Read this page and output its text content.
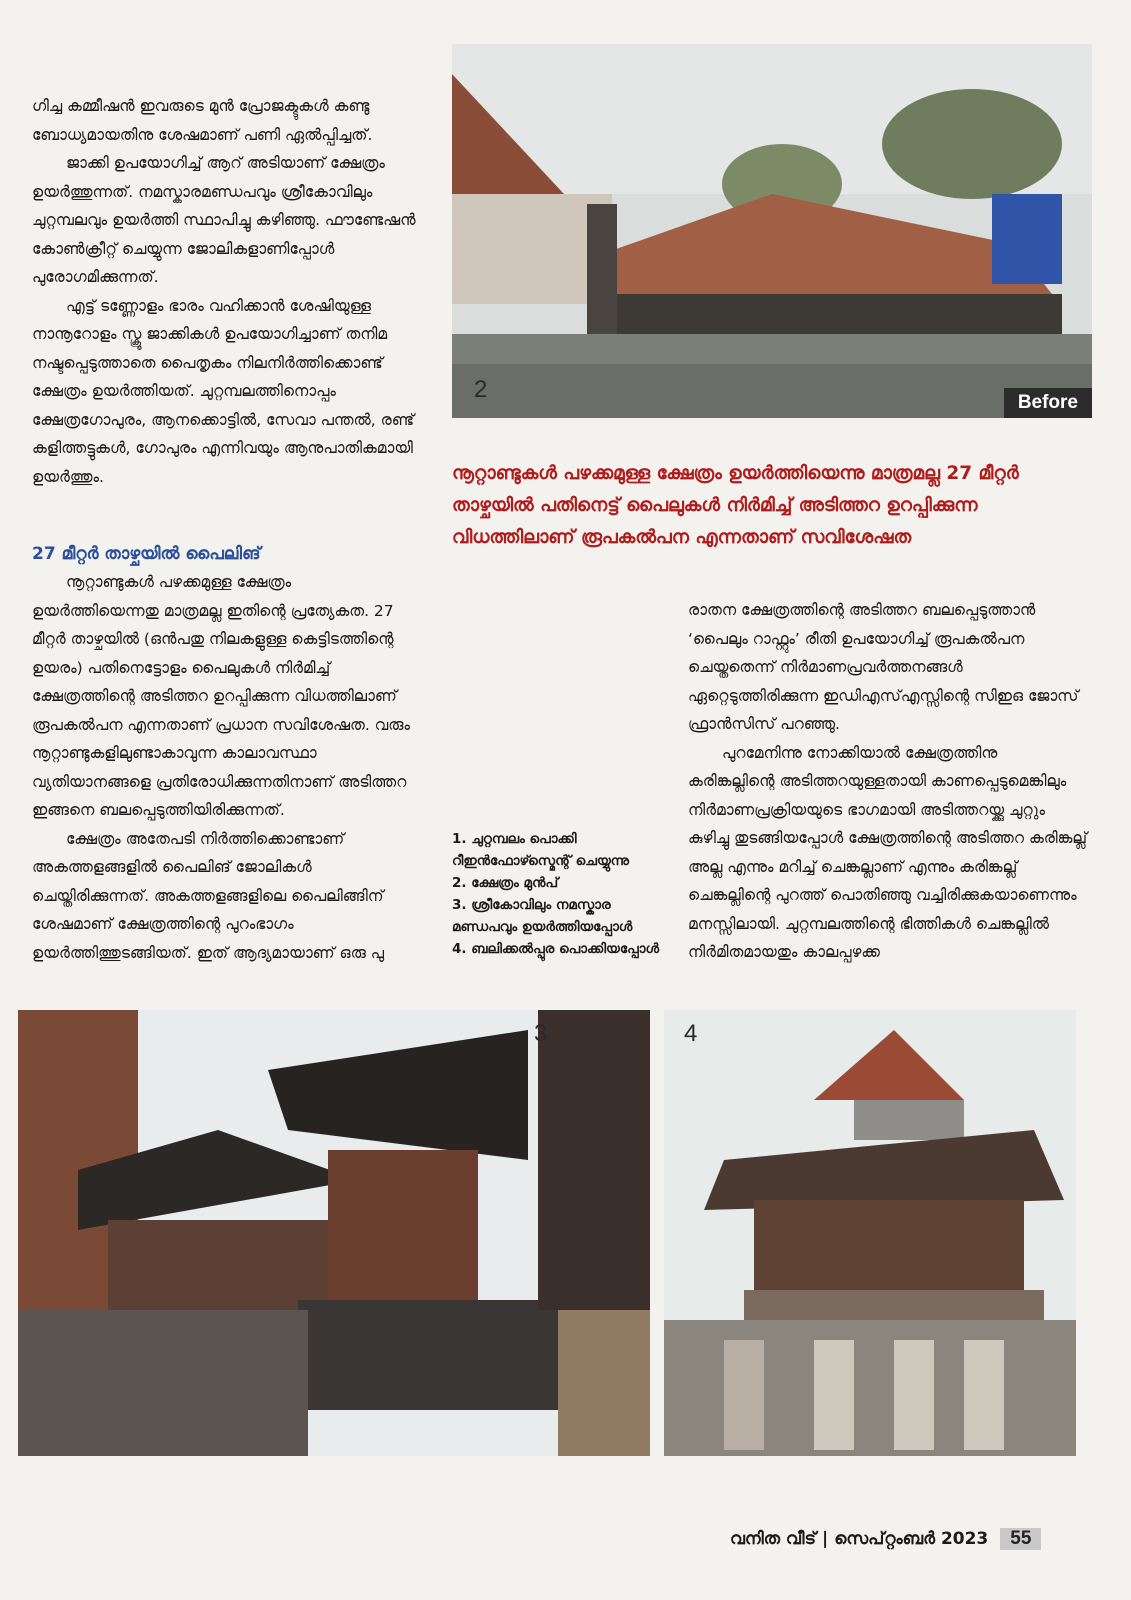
ഗിച്ച കമ്മീഷൻ ഇവരുടെ മുൻ പ്രോജക്ടുകൾ കണ്ടു ബോധ്യമായതിനു ശേഷമാണ് പണി ഏൽപ്പിച്ചത്.

ജാക്കി ഉപയോഗിച്ച് ആറ് അടിയാണ് ക്ഷേത്രം ഉയർത്തുന്നത്. നമസ്കാരമണ്ഡപവും ശ്രീകോവിലും ചുറ്റമ്പലവും ഉയർത്തി സ്ഥാപിച്ചു കഴിഞ്ഞു. ഫൗണ്ടേഷൻ കോൺക്രീറ്റ് ചെയ്യുന്ന ജോലികളാണിപ്പോൾ പുരോഗമിക്കുന്നത്.

എട്ട് ടണ്ണോളം ഭാരം വഹിക്കാൻ ശേഷിയുള്ള നാനൂറോളം സ്ക്രൂ ജാക്കികൾ ഉപയോഗിച്ചാണ് തനിമ നഷ്ടപ്പെടുത്താതെ പൈതൃകം നിലനിർത്തിക്കൊണ്ട് ക്ഷേത്രം ഉയർത്തിയത്. ചുറ്റമ്പലത്തിനൊപ്പം ക്ഷേത്രഗോപുരം, ആനക്കൊട്ടിൽ, സേവാ പന്തൽ, രണ്ട് കളിത്തട്ടുകൾ, ഗോപുരം എന്നിവയും ആനുപാതികമായി ഉയർത്തും.

27 മീറ്റർ താഴ്ചയിൽ പൈലിങ്

നൂറ്റാണ്ടുകൾ പഴക്കമുള്ള ക്ഷേത്രം ഉയർത്തിയെന്നതു മാത്രമല്ല ഇതിന്റെ പ്രത്യേകത. 27 മീറ്റർ താഴ്ചയിൽ (ഒൻപതു നിലകളുള്ള കെട്ടിടത്തിന്റെ ഉയരം) പതിനെട്ടോളം പൈലുകൾ നിർമിച്ച് ക്ഷേത്രത്തിന്റെ അടിത്തറ ഉറപ്പിക്കുന്ന വിധത്തിലാണ് രൂപകൽപന എന്നതാണ് പ്രധാന സവിശേഷത. വരും നൂറ്റാണ്ടുകളിലുണ്ടാകാവുന്ന കാലാവസ്ഥാ വ്യതിയാനങ്ങളെ പ്രതിരോധിക്കുന്നതിനാണ് അടിത്തറ ഇങ്ങനെ ബലപ്പെടുത്തിയിരിക്കുന്നത്.

ക്ഷേത്രം അതേപടി നിർത്തിക്കൊണ്ടാണ് അകത്തളങ്ങളിൽ പൈലിങ് ജോലികൾ ചെയ്തിരിക്കുന്നത്. അകത്തളങ്ങളിലെ പൈലിങ്ങിന് ശേഷമാണ് ക്ഷേത്രത്തിന്റെ പുറംഭാഗം ഉയർത്തിത്തുടങ്ങിയത്. ഇത് ആദ്യമായാണ് ഒരു പു

2	Before
നൂറ്റാണ്ടുകൾ പഴക്കമുള്ള ക്ഷേത്രം ഉയർത്തിയെന്നു മാത്രമല്ല 27 മീറ്റർ താഴ്ചയിൽ പതിനെട്ട് പൈലുകൾ നിർമിച്ച് അടിത്തറ ഉറപ്പിക്കുന്ന വിധത്തിലാണ് രൂപകൽപന എന്നതാണ് സവിശേഷത
1. ചുറ്റമ്പലം പൊക്കി റീഇൻഫോഴ്സ്മെന്റ് ചെയ്യുന്നു
2. ക്ഷേത്രം മുൻപ്
3. ശ്രീകോവിലും നമസ്കാര മണ്ഡപവും ഉയർത്തിയപ്പോൾ
4. ബലിക്കൽപ്പുര പൊക്കിയപ്പോൾ

രാതന ക്ഷേത്രത്തിന്റെ അടിത്തറ ബലപ്പെടുത്താൻ ‘പൈലും റാഫ്റ്റും’ രീതി ഉപയോഗിച്ച് രൂപകൽപന ചെയ്തതെന്ന് നിർമാണപ്രവർത്തനങ്ങൾ ഏറ്റെടുത്തിരിക്കുന്ന ഇഡിഎസ്എസ്സിന്റെ സിഇഒ ജോസ് ഫ്രാൻസിസ് പറഞ്ഞു.

പുറമേനിന്നു നോക്കിയാൽ ക്ഷേത്രത്തിനു കരിങ്കല്ലിന്റെ അടിത്തറയുള്ളതായി കാണപ്പെടുമെങ്കിലും നിർമാണപ്രക്രിയയുടെ ഭാഗമായി അടിത്തറയ്ക്കു ചുറ്റും കുഴിച്ചു തുടങ്ങിയപ്പോൾ ക്ഷേത്രത്തിന്റെ അടിത്തറ കരിങ്കല്ല് അല്ല എന്നും മറിച്ച് ചെങ്കല്ലാണ് എന്നും കരിങ്കല്ല് ചെങ്കല്ലിന്റെ പുറത്ത് പൊതിഞ്ഞു വച്ചിരിക്കുകയാണെന്നും മനസ്സിലായി. ചുറ്റമ്പലത്തിന്റെ ഭിത്തികൾ ചെങ്കല്ലിൽ നിർമിതമായതും കാലപ്പഴക്ക

3	4
വനിത വീട് | സെപ്റ്റംബർ 2023	55
